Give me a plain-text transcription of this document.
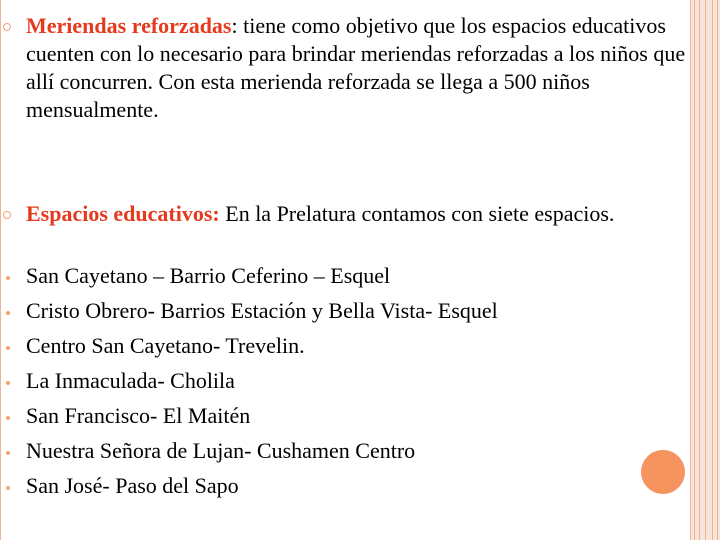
Meriendas reforzadas: tiene como objetivo que los espacios educativos cuenten con lo necesario para brindar meriendas reforzadas a los niños que allí concurren. Con esta merienda reforzada se llega a 500 niños mensualmente.
Espacios educativos: En la Prelatura contamos con siete espacios.
San Cayetano – Barrio Ceferino – Esquel
Cristo Obrero- Barrios Estación y Bella Vista- Esquel
Centro San Cayetano- Trevelin.
La Inmaculada- Cholila
San Francisco- El Maitén
Nuestra Señora de Lujan- Cushamen Centro
San José- Paso del Sapo
